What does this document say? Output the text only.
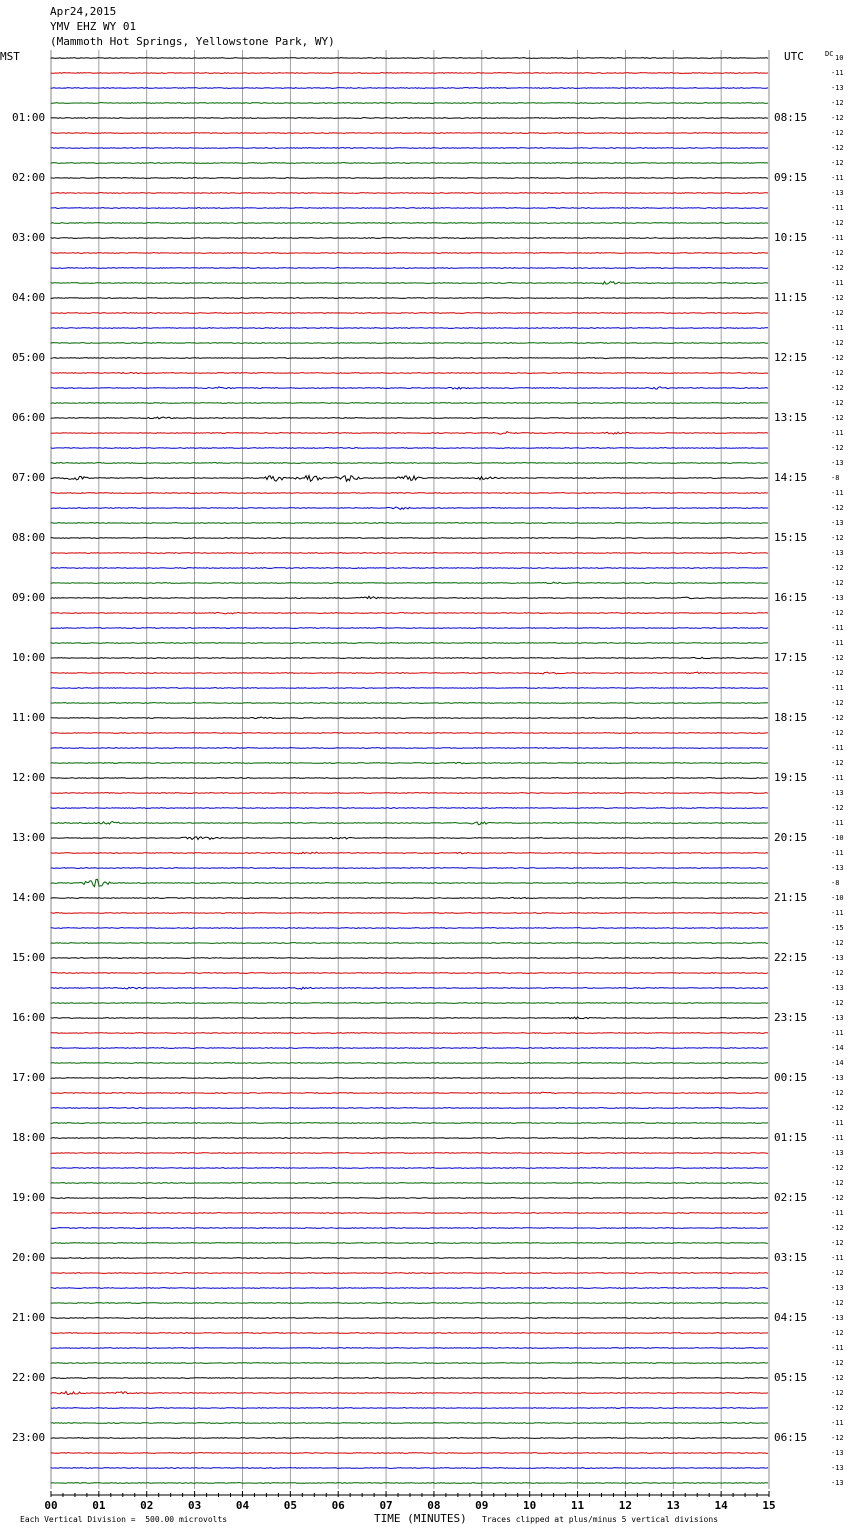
Apr24,2015
YMV EHZ WY 01
(Mammoth Hot Springs, Yellowstone Park, WY)
MST	UTC	DC
00	01	02	03	04	05	06	07	08	09	10	11	12	13	14	15
01:00
02:00
03:00
04:00
05:00
06:00
07:00
08:00
09:00
10:00
11:00
12:00
13:00
14:00
15:00
16:00
17:00
18:00
19:00
20:00
21:00
22:00
23:00
08:15
09:15
10:15
11:15
12:15
13:15
14:15
15:15
16:15
17:15
18:15
19:15
20:15
21:15
22:15
23:15
00:15
01:15
02:15
03:15
04:15
05:15
06:15
10
-11
-13
-12
-12
-12
-12
-12
-11
-13
-11
-12
-11
-12
-12
-11
-12
-12
-11
-12
-12
-12
-12
-12
-12
-11
-12
-13
-8
-11
-12
-13
-12
-13
-12
-12
-13
-12
-11
-11
-12
-12
-11
-12
-12
-12
-11
-12
-11
-13
-12
-11
-10
-11
-13
-8
-10
-11
-15
-12
-13
-12
-13
-12
-13
-11
-14
-14
-13
-12
-12
-11
-11
-13
-12
-12
-12
-11
-12
-12
-11
-12
-13
-12
-13
-12
-11
-12
-12
-12
-12
-11
-12
-13
-13
-13
Each Vertical Division =  500.00 microvolts	TIME (MINUTES) Traces clipped at plus/minus 5 vertical divisions
